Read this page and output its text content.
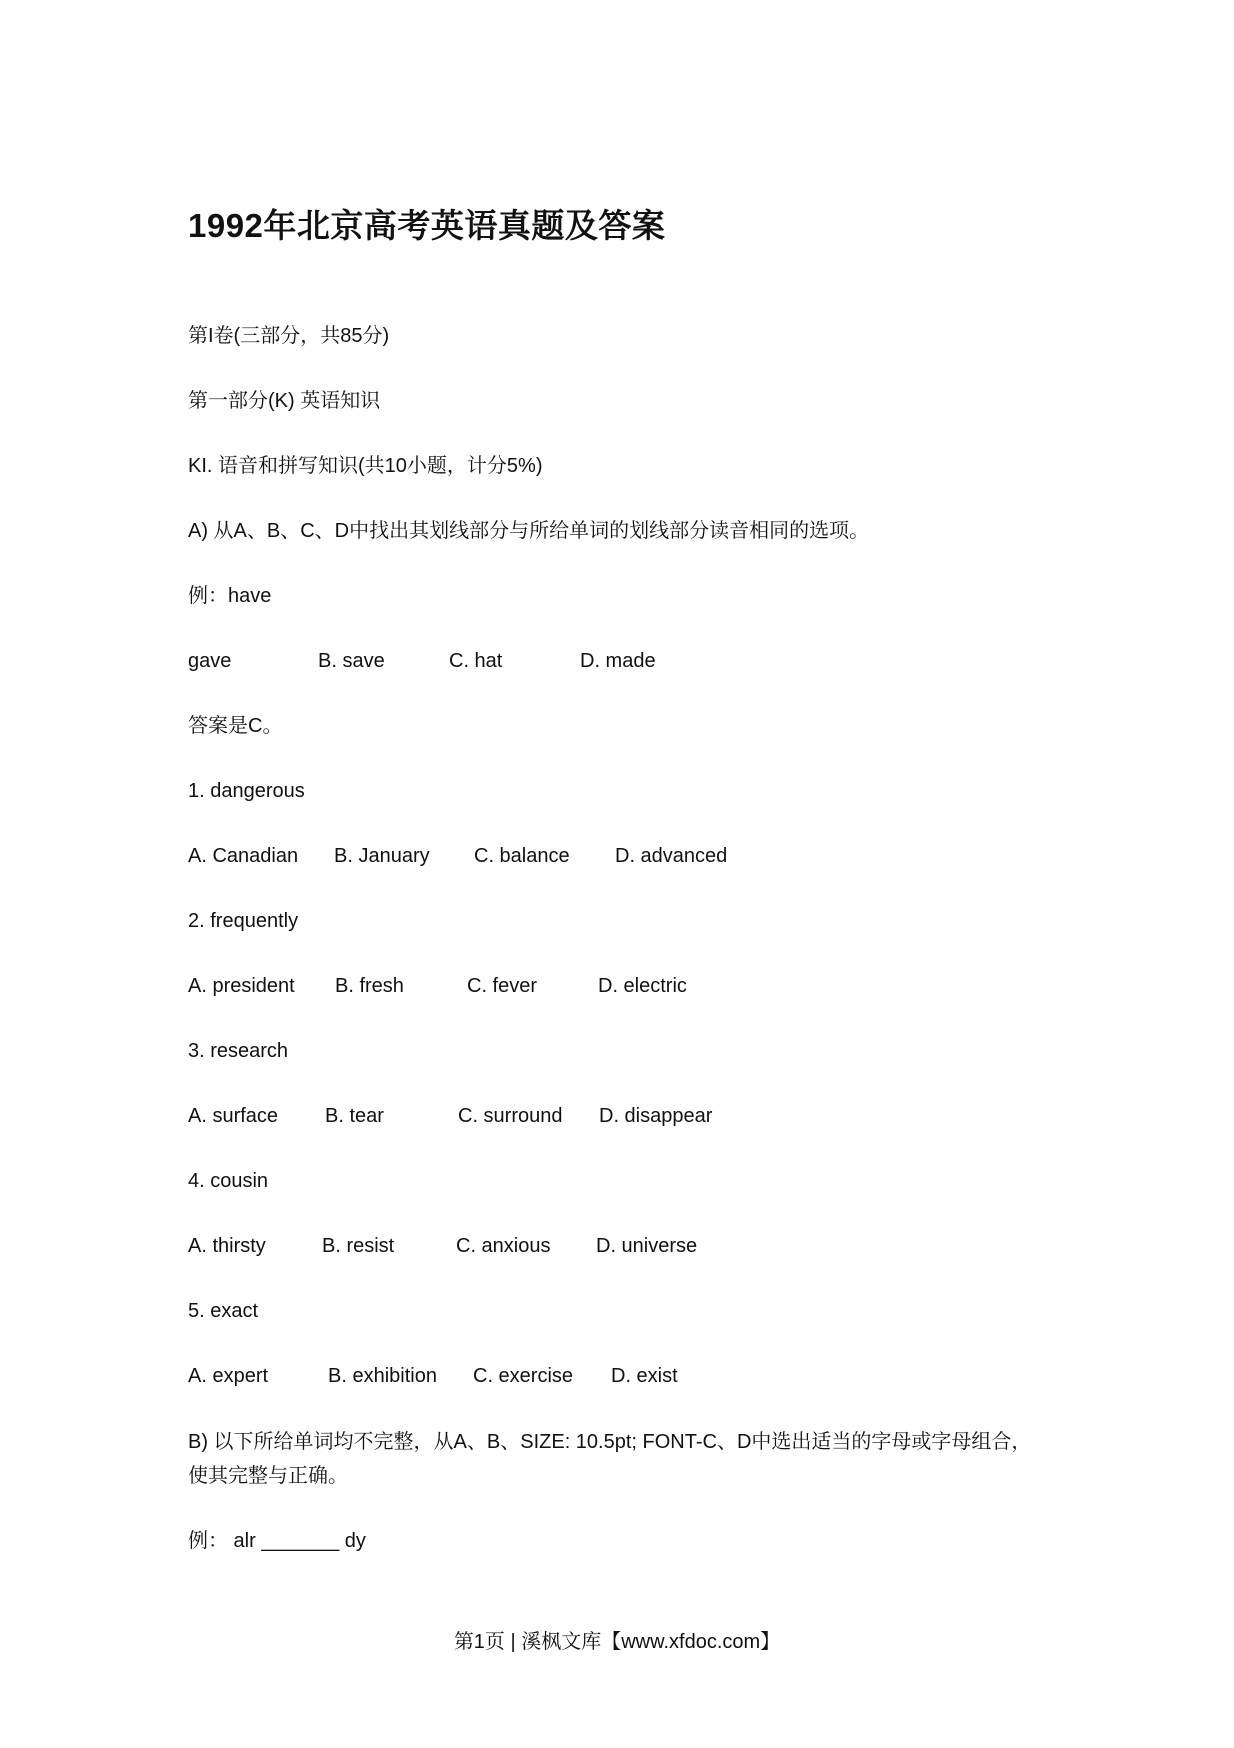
1992年北京高考英语真题及答案
第I卷(三部分，共85分)
第一部分(K) 英语知识
KI. 语音和拼写知识(共10小题，计分5%)
A) 从A、B、C、D中找出其划线部分与所给单词的划线部分读音相同的选项。
例：have
gave	B. save	C. hat	D. made
答案是C。
1. dangerous
A. Canadian B. January C. balance D. advanced
2. frequently
A. president B. fresh	C. fever	D. electric
3. research
A. surface B. tear	C. surround D. disappear
4. cousin
A. thirsty	B. resist	C. anxious D. universe
5. exact
A. expert	B. exhibition C. exercise D. exist
B) 以下所给单词均不完整，从A、B、SIZE: 10.5pt; FONT-C、D中选出适当的字母或字母组合，使其完整与正确。
例： alr _______ dy
第1页 | 溪枫文库【www.xfdoc.com】
